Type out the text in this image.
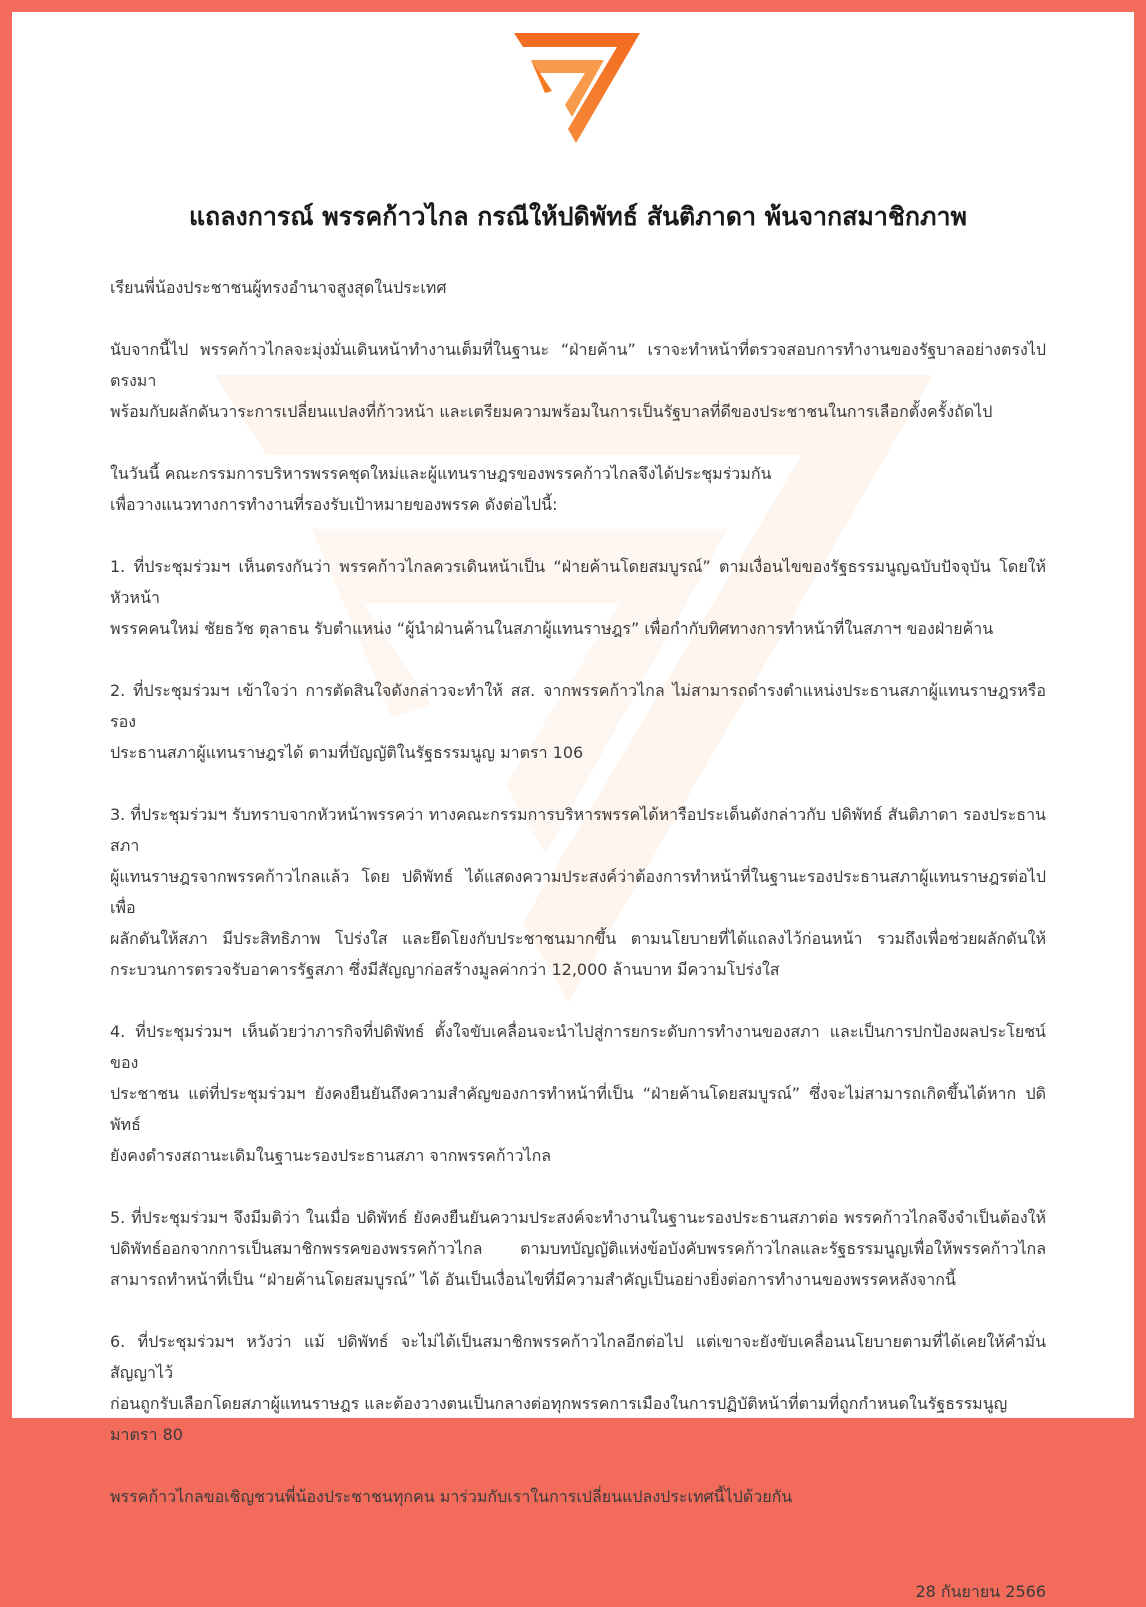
แถลงการณ์ พรรคก้าวไกล กรณีให้ปดิพัทธ์ สันติภาดา พ้นจากสมาชิกภาพ
เรียนพี่น้องประชาชนผู้ทรงอำนาจสูงสุดในประเทศ
นับจากนี้ไป พรรคก้าวไกลจะมุ่งมั่นเดินหน้าทำงานเต็มที่ในฐานะ “ฝ่ายค้าน” เราจะทำหน้าที่ตรวจสอบการทำงานของรัฐบาลอย่างตรงไปตรงมา
พร้อมกับผลักดันวาระการเปลี่ยนแปลงที่ก้าวหน้า และเตรียมความพร้อมในการเป็นรัฐบาลที่ดีของประชาชนในการเลือกตั้งครั้งถัดไป
ในวันนี้ คณะกรรมการบริหารพรรคชุดใหม่และผู้แทนราษฎรของพรรคก้าวไกลจึงได้ประชุมร่วมกัน
เพื่อวางแนวทางการทำงานที่รองรับเป้าหมายของพรรค ดังต่อไปนี้:
1. ที่ประชุมร่วมฯ เห็นตรงกันว่า พรรคก้าวไกลควรเดินหน้าเป็น “ฝ่ายค้านโดยสมบูรณ์” ตามเงื่อนไขของรัฐธรรมนูญฉบับปัจจุบัน โดยให้หัวหน้า
พรรคคนใหม่ ชัยธวัช ตุลาธน รับตำแหน่ง “ผู้นำฝ่านค้านในสภาผู้แทนราษฎร” เพื่อกำกับทิศทางการทำหน้าที่ในสภาฯ ของฝ่ายค้าน
2. ที่ประชุมร่วมฯ เข้าใจว่า การตัดสินใจดังกล่าวจะทำให้ สส. จากพรรคก้าวไกล ไม่สามารถดำรงตำแหน่งประธานสภาผู้แทนราษฎรหรือรอง
ประธานสภาผู้แทนราษฎรได้ ตามที่บัญญัติในรัฐธรรมนูญ มาตรา 106
3. ที่ประชุมร่วมฯ รับทราบจากหัวหน้าพรรคว่า ทางคณะกรรมการบริหารพรรคได้หารือประเด็นดังกล่าวกับ ปดิพัทธ์ สันติภาดา รองประธานสภา
ผู้แทนราษฎรจากพรรคก้าวไกลแล้ว โดย ปดิพัทธ์ ได้แสดงความประสงค์ว่าต้องการทำหน้าที่ในฐานะรองประธานสภาผู้แทนราษฎรต่อไป เพื่อ
ผลักดันให้สภา มีประสิทธิภาพ โปร่งใส และยึดโยงกับประชาชนมากขึ้น ตามนโยบายที่ได้แถลงไว้ก่อนหน้า รวมถึงเพื่อช่วยผลักดันให้
กระบวนการตรวจรับอาคารรัฐสภา ซึ่งมีสัญญาก่อสร้างมูลค่ากว่า 12,000 ล้านบาท มีความโปร่งใส
4. ที่ประชุมร่วมฯ เห็นด้วยว่าภารกิจที่ปดิพัทธ์ ตั้งใจขับเคลื่อนจะนำไปสู่การยกระดับการทำงานของสภา และเป็นการปกป้องผลประโยชน์ของ
ประชาชน แต่ที่ประชุมร่วมฯ ยังคงยืนยันถึงความสำคัญของการทำหน้าที่เป็น “ฝ่ายค้านโดยสมบูรณ์” ซึ่งจะไม่สามารถเกิดขึ้นได้หาก ปดิพัทธ์
ยังคงดำรงสถานะเดิมในฐานะรองประธานสภา จากพรรคก้าวไกล
5. ที่ประชุมร่วมฯ จึงมีมติว่า ในเมื่อ ปดิพัทธ์ ยังคงยืนยันความประสงค์จะทำงานในฐานะรองประธานสภาต่อ พรรคก้าวไกลจึงจำเป็นต้องให้
ปดิพัทธ์ออกจากการเป็นสมาชิกพรรคของพรรคก้าวไกล ตามบทบัญญัติแห่งข้อบังคับพรรคก้าวไกลและรัฐธรรมนูญเพื่อให้พรรคก้าวไกล
สามารถทำหน้าที่เป็น “ฝ่ายค้านโดยสมบูรณ์” ได้ อันเป็นเงื่อนไขที่มีความสำคัญเป็นอย่างยิ่งต่อการทำงานของพรรคหลังจากนี้
6. ที่ประชุมร่วมฯ หวังว่า แม้ ปดิพัทธ์ จะไม่ได้เป็นสมาชิกพรรคก้าวไกลอีกต่อไป แต่เขาจะยังขับเคลื่อนนโยบายตามที่ได้เคยให้คำมั่นสัญญาไว้
ก่อนถูกรับเลือกโดยสภาผู้แทนราษฎร และต้องวางตนเป็นกลางต่อทุกพรรคการเมืองในการปฏิบัติหน้าที่ตามที่ถูกกำหนดในรัฐธรรมนูญ
มาตรา 80
พรรคก้าวไกลขอเชิญชวนพี่น้องประชาชนทุกคน มาร่วมกับเราในการเปลี่ยนแปลงประเทศนี้ไปด้วยกัน
28 กันยายน 2566
